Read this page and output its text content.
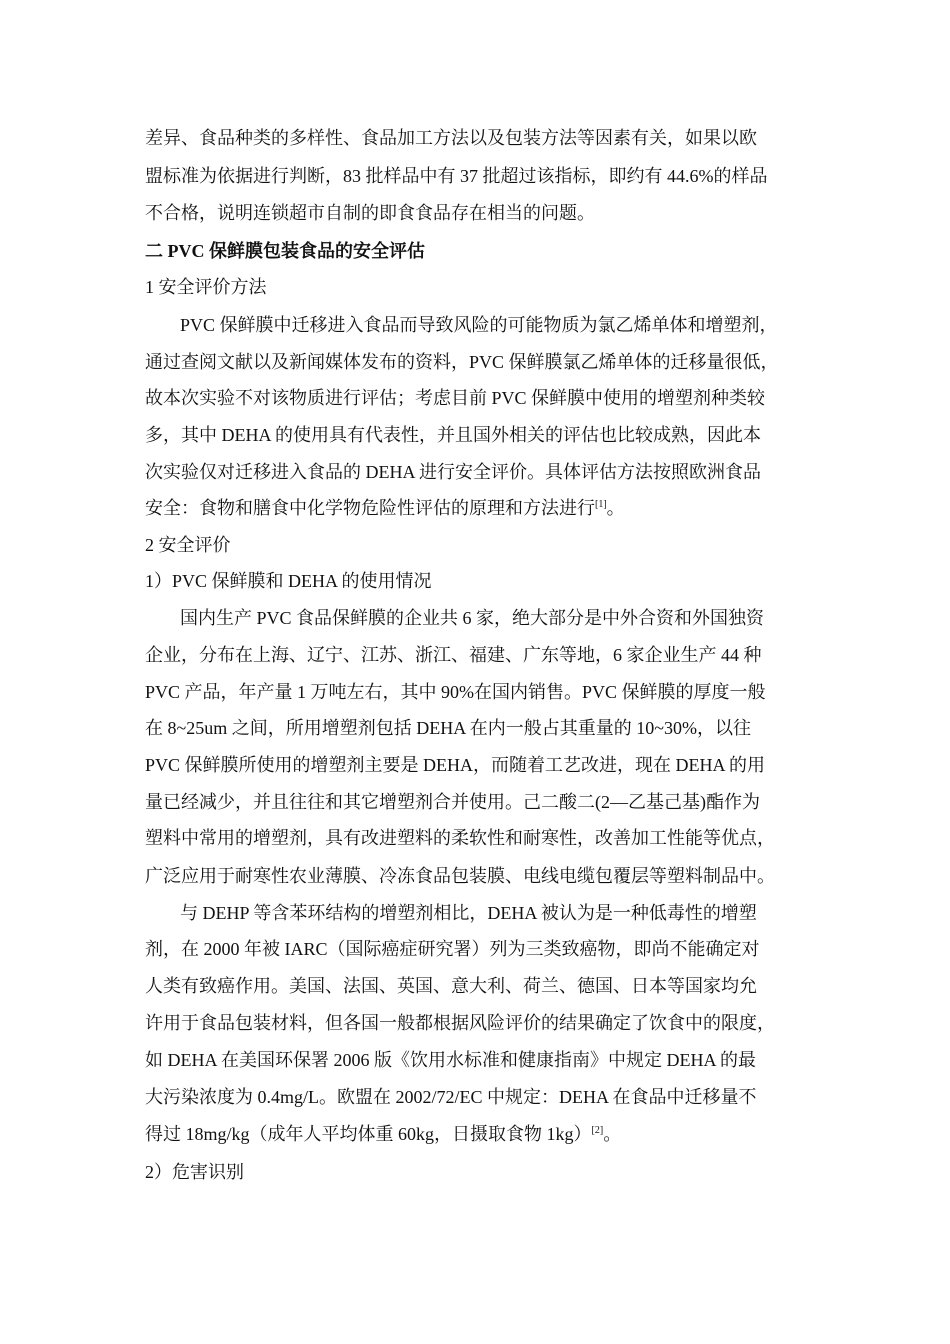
差异、食品种类的多样性、食品加工方法以及包装方法等因素有关，如果以欧
盟标准为依据进行判断，83 批样品中有 37 批超过该指标，即约有 44.6%的样品
不合格，说明连锁超市自制的即食食品存在相当的问题。
二 PVC 保鲜膜包装食品的安全评估
1 安全评价方法
PVC 保鲜膜中迁移进入食品而导致风险的可能物质为氯乙烯单体和增塑剂，
通过查阅文献以及新闻媒体发布的资料，PVC 保鲜膜氯乙烯单体的迁移量很低，
故本次实验不对该物质进行评估；考虑目前 PVC 保鲜膜中使用的增塑剂种类较
多，其中 DEHA 的使用具有代表性，并且国外相关的评估也比较成熟，因此本
次实验仅对迁移进入食品的 DEHA 进行安全评价。具体评估方法按照欧洲食品
安全：食物和膳食中化学物危险性评估的原理和方法进行[1]。
2 安全评价
1）PVC 保鲜膜和 DEHA 的使用情况
国内生产 PVC 食品保鲜膜的企业共 6 家，绝大部分是中外合资和外国独资
企业，分布在上海、辽宁、江苏、浙江、福建、广东等地，6 家企业生产 44 种
PVC 产品，年产量 1 万吨左右，其中 90%在国内销售。PVC 保鲜膜的厚度一般
在 8~25um 之间，所用增塑剂包括 DEHA 在内一般占其重量的 10~30%，以往
PVC 保鲜膜所使用的增塑剂主要是 DEHA，而随着工艺改进，现在 DEHA 的用
量已经减少，并且往往和其它增塑剂合并使用。己二酸二(2—乙基己基)酯作为
塑料中常用的增塑剂，具有改进塑料的柔软性和耐寒性，改善加工性能等优点，
广泛应用于耐寒性农业薄膜、冷冻食品包装膜、电线电缆包覆层等塑料制品中。
与 DEHP 等含苯环结构的增塑剂相比，DEHA 被认为是一种低毒性的增塑
剂，在 2000 年被 IARC（国际癌症研究署）列为三类致癌物，即尚不能确定对
人类有致癌作用。美国、法国、英国、意大利、荷兰、德国、日本等国家均允
许用于食品包装材料，但各国一般都根据风险评价的结果确定了饮食中的限度，
如 DEHA 在美国环保署 2006 版《饮用水标准和健康指南》中规定 DEHA 的最
大污染浓度为 0.4mg/L。欧盟在 2002/72/EC 中规定：DEHA 在食品中迁移量不
得过 18mg/kg（成年人平均体重 60kg，日摄取食物 1kg）[2]。
2）危害识别
